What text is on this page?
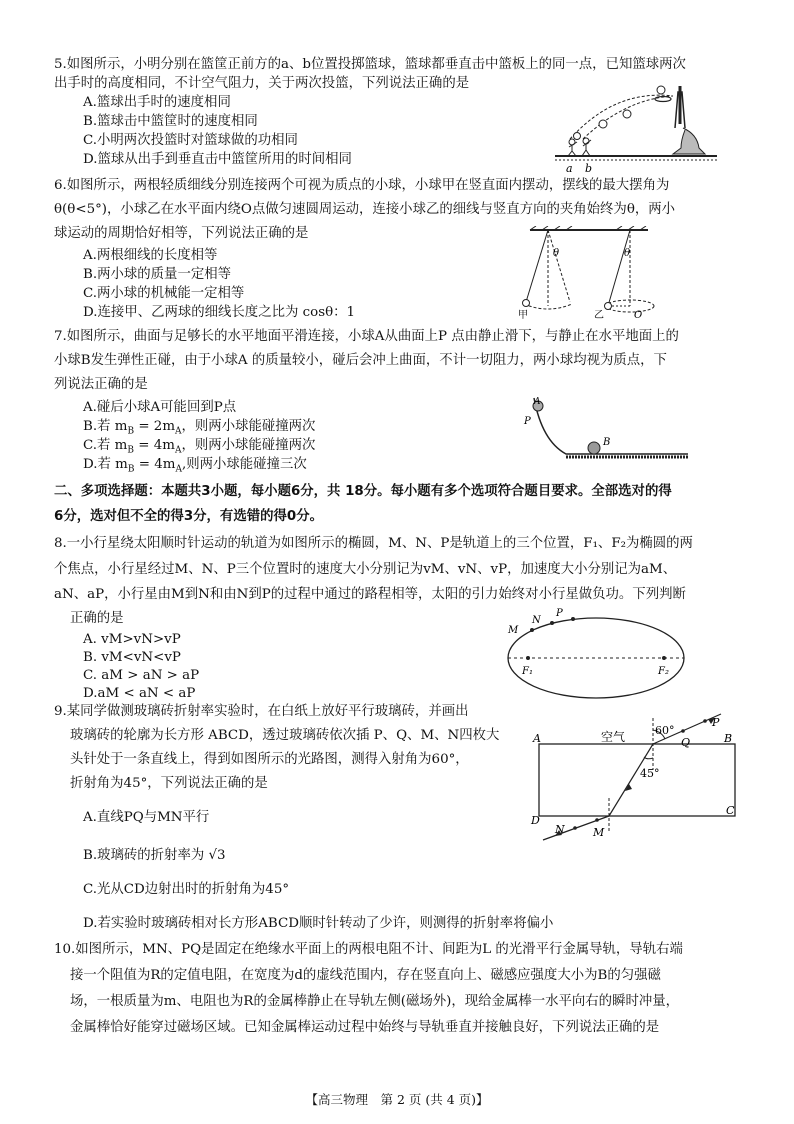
5.如图所示，小明分别在篮筐正前方的a、b位置投掷篮球，篮球都垂直击中篮板上的同一点，已知篮球两次
出手时的高度相同，不计空气阻力，关于两次投篮，下列说法正确的是
A.篮球出手时的速度相同
B.篮球击中篮筐时的速度相同
C.小明两次投篮时对篮球做的功相同
D.篮球从出手到垂直击中篮筐所用的时间相同
a b
6.如图所示，两根轻质细线分别连接两个可视为质点的小球，小球甲在竖直面内摆动，摆线的最大摆角为
θ(θ<5°)，小球乙在水平面内绕O点做匀速圆周运动，连接小球乙的细线与竖直方向的夹角始终为θ，两小
球运动的周期恰好相等，下列说法正确的是
A.两根细线的长度相等
B.两小球的质量一定相等
C.两小球的机械能一定相等
D.连接甲、乙两球的细线长度之比为 cosθ：1
θ
甲
θ
乙	O
7.如图所示，曲面与足够长的水平地面平滑连接，小球A从曲面上P 点由静止滑下，与静止在水平地面上的
小球B发生弹性正碰，由于小球A 的质量较小，碰后会冲上曲面，不计一切阻力，两小球均视为质点，下
列说法正确的是
A.碰后小球A可能回到P点
B.若 $m_B = 2m_A$，则两小球能碰撞两次
C.若 $m_B = 4m_A$，则两小球能碰撞两次
D.若 $m_B = 4m_A$,则两小球能碰撞三次
A
P
B
二、多项选择题：本题共3小题，每小题6分，共 18分。每小题有多个选项符合题目要求。全部选对的得
6分，选对但不全的得3分，有选错的得0分。
8.一小行星绕太阳顺时针运动的轨道为如图所示的椭圆，M、N、P是轨道上的三个位置，F₁、F₂为椭圆的两
个焦点，小行星经过M、N、P三个位置时的速度大小分别记为vM、vN、vP，加速度大小分别记为aM、
aN、aP，小行星由M到N和由N到P的过程中通过的路程相等，太阳的引力始终对小行星做负功。下列判断
正确的是
A. vM>vN>vP
B. vM<vN<vP
C. aM > aN > aP
D.aM < aN < aP
M
N
P
F₁	F₂
9.某同学做测玻璃砖折射率实验时，在白纸上放好平行玻璃砖，并画出
玻璃砖的轮廓为长方形 ABCD，透过玻璃砖依次插 P、Q、M、N四枚大
头针处于一条直线上，得到如图所示的光路图，测得入射角为60°，
折射角为45°，下列说法正确的是
A.直线PQ与MN平行
B.玻璃砖的折射率为 √3
C.光从CD边射出时的折射角为45°
D.若实验时玻璃砖相对长方形ABCD顺时针转动了少许，则测得的折射率将偏小
空气	60°
45°
A	B
C
D
P
Q
M
N
10.如图所示，MN、PQ是固定在绝缘水平面上的两根电阻不计、间距为L 的光滑平行金属导轨，导轨右端
接一个阻值为R的定值电阻，在宽度为d的虚线范围内，存在竖直向上、磁感应强度大小为B的匀强磁
场，一根质量为m、电阻也为R的金属棒静止在导轨左侧(磁场外)，现给金属棒一水平向右的瞬时冲量，
金属棒恰好能穿过磁场区域。已知金属棒运动过程中始终与导轨垂直并接触良好，下列说法正确的是
【高三物理　第 2 页 (共 4 页)】
